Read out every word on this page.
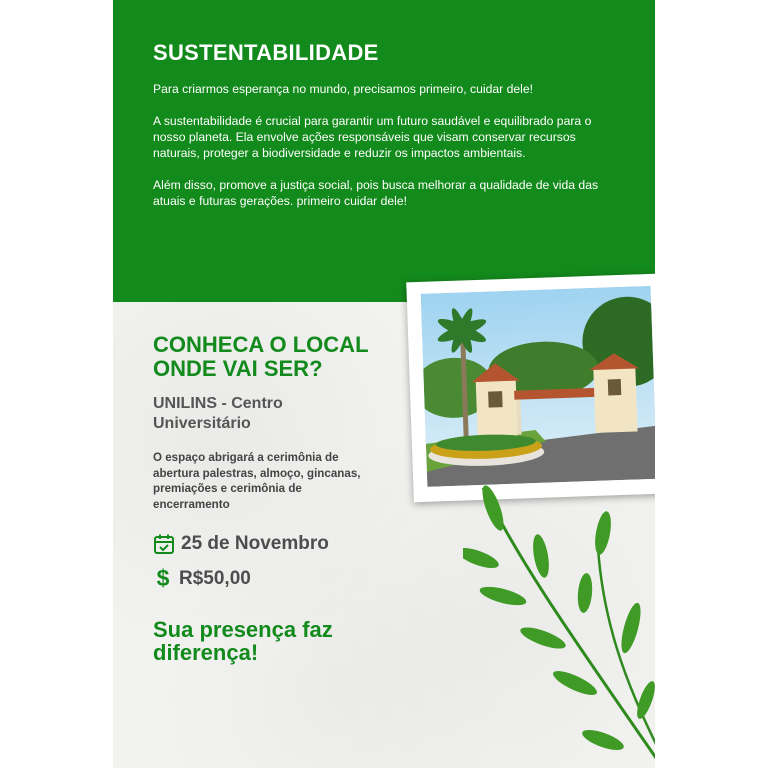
SUSTENTABILIDADE

Para criarmos esperança no mundo, precisamos primeiro, cuidar dele!

A sustentabilidade é crucial para garantir um futuro saudável e equilibrado para o nosso planeta. Ela envolve ações responsáveis que visam conservar recursos naturais, proteger a biodiversidade e reduzir os impactos ambientais.

Além disso, promove a justiça social, pois busca melhorar a qualidade de vida das atuais e futuras gerações. primeiro cuidar dele!

CONHECA O LOCAL ONDE VAI SER?
UNILINS - Centro Universitário

O espaço abrigará a cerimônia de abertura palestras, almoço, gincanas, premiações e cerimônia de encerramento

25 de Novembro
$ R$50,00
Sua presença faz diferença!
